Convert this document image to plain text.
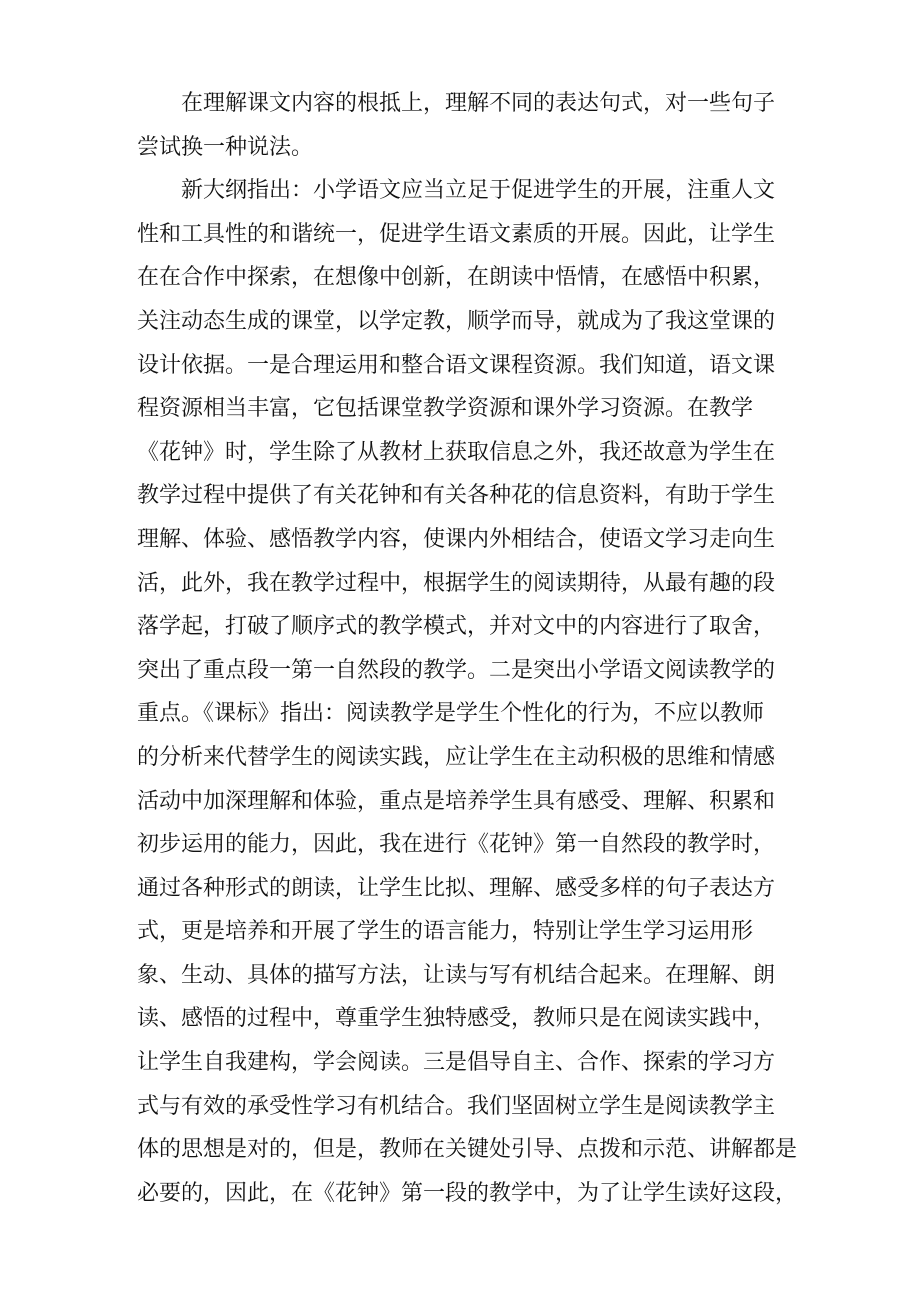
在理解课文内容的根抵上，理解不同的表达句式，对一些句子
尝试换一种说法。
新大纲指出：小学语文应当立足于促进学生的开展，注重人文
性和工具性的和谐统一，促进学生语文素质的开展。因此，让学生
在在合作中探索，在想像中创新，在朗读中悟情，在感悟中积累，
关注动态生成的课堂，以学定教，顺学而导，就成为了我这堂课的
设计依据。一是合理运用和整合语文课程资源。我们知道，语文课
程资源相当丰富，它包括课堂教学资源和课外学习资源。在教学
《花钟》时，学生除了从教材上获取信息之外，我还故意为学生在
教学过程中提供了有关花钟和有关各种花的信息资料，有助于学生
理解、体验、感悟教学内容，使课内外相结合，使语文学习走向生
活，此外，我在教学过程中，根据学生的阅读期待，从最有趣的段
落学起，打破了顺序式的教学模式，并对文中的内容进行了取舍，
突出了重点段一第一自然段的教学。二是突出小学语文阅读教学的
重点。《课标》指出：阅读教学是学生个性化的行为，不应以教师
的分析来代替学生的阅读实践，应让学生在主动积极的思维和情感
活动中加深理解和体验，重点是培养学生具有感受、理解、积累和
初步运用的能力，因此，我在进行《花钟》第一自然段的教学时，
通过各种形式的朗读，让学生比拟、理解、感受多样的句子表达方
式，更是培养和开展了学生的语言能力，特别让学生学习运用形
象、生动、具体的描写方法，让读与写有机结合起来。在理解、朗
读、感悟的过程中，尊重学生独特感受，教师只是在阅读实践中，
让学生自我建构，学会阅读。三是倡导自主、合作、探索的学习方
式与有效的承受性学习有机结合。我们坚固树立学生是阅读教学主
体的思想是对的，但是，教师在关键处引导、点拨和示范、讲解都是
必要的，因此，在《花钟》第一段的教学中，为了让学生读好这段，
